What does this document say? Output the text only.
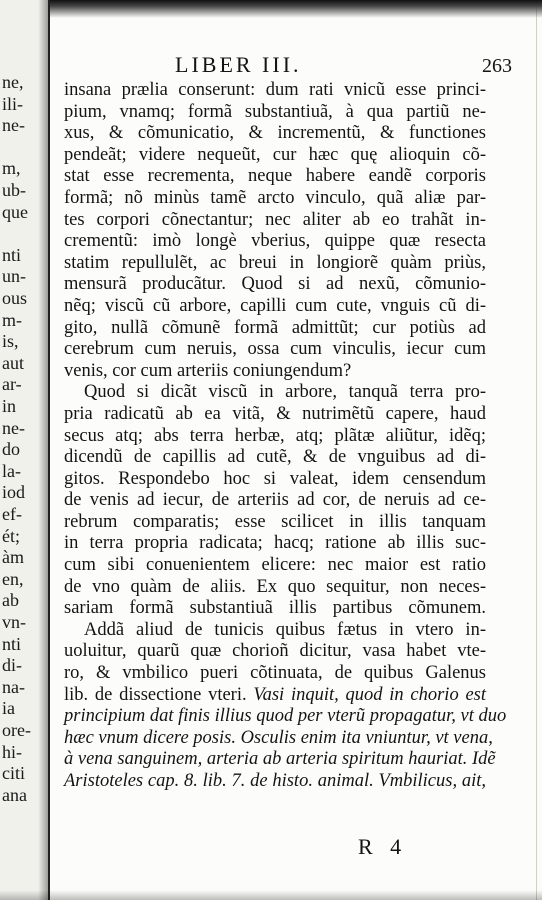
ne,
ili-
ne-
m,
ub-
que
nti
un-
ous
m-
is,
aut
ar-
in
ne-
do
la-
iod
ef-
ét;
àm
en,
ab
vn-
nti
di-
na-
ia
ore-
hi-
citi
ana
LIBER III.	263
insana prælia conserunt: dum rati vnicũ esse princi-
pium, vnamq; formã substantiuã, à qua partiũ ne-
xus, & cõmunicatio, & incrementũ, & functiones
pendeãt; videre nequeũt, cur hæc quę alioquin cõ-
stat esse recrementa, neque habere eandẽ corporis
formã; nõ minùs tamẽ arcto vinculo, quã aliæ par-
tes corpori cõnectantur; nec aliter ab eo trahãt in-
crementũ: imò longè vberius, quippe quæ resecta
statim repullulẽt, ac breui in longiorẽ quàm priùs,
mensurã producãtur. Quod si ad nexũ, cõmunio-
nẽq; viscũ cũ arbore, capilli cum cute, vnguis cũ di-
gito, nullã cõmunẽ formã admittũt; cur potiùs ad
cerebrum cum neruis, ossa cum vinculis, iecur cum
venis, cor cum arteriis coniungendum?
Quod si dicãt viscũ in arbore, tanquã terra pro-
pria radicatũ ab ea vitã, & nutrimẽtũ capere, haud
secus atq; abs terra herbæ, atq; plãtæ aliũtur, idẽq;
dicendũ de capillis ad cutẽ, & de vnguibus ad di-
gitos. Respondebo hoc si valeat, idem censendum
de venis ad iecur, de arteriis ad cor, de neruis ad ce-
rebrum comparatis; esse scilicet in illis tanquam
in terra propria radicata; hacq; ratione ab illis suc-
cum sibi conuenientem elicere: nec maior est ratio
de vno quàm de aliis. Ex quo sequitur, non neces-
sariam formã substantiuã illis partibus cõmunem.
Addã aliud de tunicis quibus fætus in vtero in-
uoluitur, quarũ quæ chorioñ dicitur, vasa habet vte-
ro, & vmbilico pueri cõtinuata, de quibus Galenus
lib. de dissectione vteri. Vasi inquit, quod in chorio est
principium dat finis illius quod per vterũ propagatur, vt duo
hæc vnum dicere posis. Osculis enim ita vniuntur, vt vena,
à vena sanguinem, arteria ab arteria spiritum hauriat. Idẽ
Aristoteles cap. 8. lib. 7. de histo. animal. Vmbilicus, ait,
R 4
